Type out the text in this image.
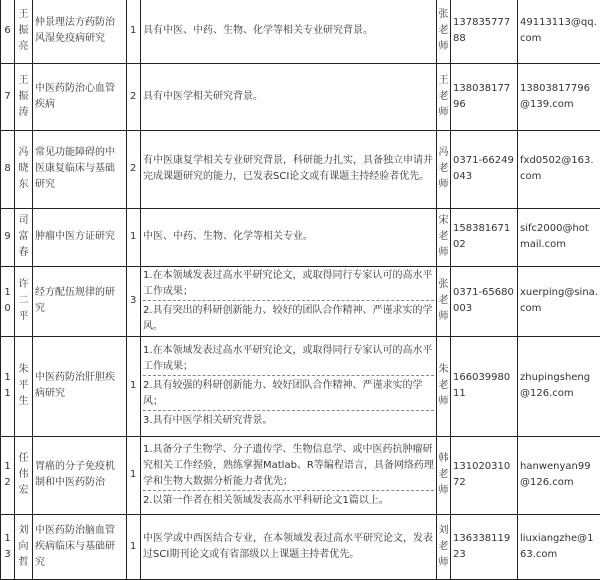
6	王振亮	仲景理法方药防治风湿免疫病研究	1	具有中医、中药、生物、化学等相关专业研究背景。	张老师	13783577788	49113113@qq.com
7	王振涛	中医药防治心血管疾病	2	具有中医学相关研究背景。	王老师	13803817796	13803817796@139.com
8	冯晓东	常见功能障碍的中医康复临床与基础研究	2	有中医康复学相关专业研究背景，科研能力扎实，具备独立申请并完成课题研究的能力，已发表SCI论文或有课题主持经验者优先。	冯老师	0371-66249043	fxd0502@163.com
9	司富春	肿瘤中医方证研究	1	中医、中药、生物、化学等相关专业。	宋老师	15838167102	sifc2000@hotmail.com
10	许二平	经方配伍规律的研究	3	1.在本领域发表过高水平研究论文，或取得同行专家认可的高水平工作成果；
2.具有突出的科研创新能力、较好的团队合作精神、严谨求实的学风。	张老师	0371-65680003	xuerping@sina.com
11	朱平生	中医药防治肝胆疾病研究	1	1.在本领域发表过高水平研究论文，或取得同行专家认可的高水平工作成果；
2.具有较强的科研创新能力、较好团队合作精神、严谨求实的学风；
3.具有中医学相关研究背景。	朱老师	16603998011	zhupingsheng@126.com
12	任伟宏	胃癌的分子免疫机制和中医药防治	1	1.具备分子生物学、分子遗传学、生物信息学、或中医药抗肿瘤研究相关工作经验，熟练掌握Matlab、R等编程语言，具备网络药理学和生物大数据分析能力者优先；
2.以第一作者在相关领域发表高水平科研论文1篇以上。	韩老师	13102031072	hanwenyan99@126.com
13	刘向哲	中医药防治脑血管疾病临床与基础研究	1	中医学或中西医结合专业，在本领域发表过高水平研究论文，发表过SCI期刊论文或有省部级以上课题主持者优先。	刘老师	13633811923	liuxiangzhe@163.com
